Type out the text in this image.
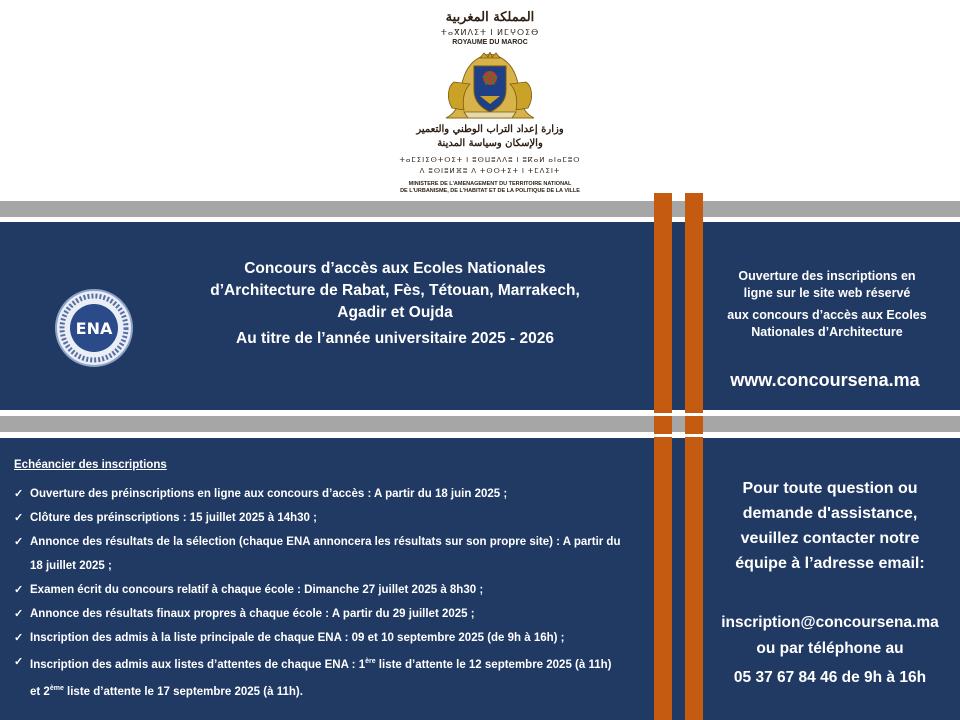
المملكة المغربية
ⵜⴰⴳⵍⴷⵉⵜ ⵏ ⵍⵎⵖⵔⵉⴱ
ROYAUME DU MAROC
وزارة إعداد التراب الوطني والتعمير
والإسكان وسياسة المدينة
ⵜⴰⵎⵉⵏⵉⵙⵜⵔⵉⵜ ⵏ ⵓⵙⵡⵓⴷⴷⵓ ⵏ ⵓⴽⴰⵍ ⴰⵏⴰⵎⵓⵔ
ⴷ ⵓⵙⵏⵓⵍⴼⵓ ⴷ ⵜⵙⵔⵜⵉⵜ ⵏ ⵜⵎⴷⵉⵏⵜ
MINISTERE DE L'AMENAGEMENT DU TERRITOIRE NATIONAL
DE L'URBANISME, DE L'HABITAT ET DE LA POLITIQUE DE LA VILLE
ENA
Concours d’accès aux Ecoles Nationales
d’Architecture de Rabat, Fès, Tétouan, Marrakech,
Agadir et Oujda
Au titre de l’année universitaire 2025 - 2026
Ouverture des inscriptions en
ligne sur le site web réservé
aux concours d’accès aux Ecoles
Nationales d’Architecture
www.concoursena.ma
Echéancier des inscriptions
✓ Ouverture des préinscriptions en ligne aux concours d’accès : A partir du 18 juin 2025 ;
✓ Clôture des préinscriptions : 15 juillet 2025 à 14h30 ;
✓ Annonce des résultats de la sélection (chaque ENA annoncera les résultats sur son propre site) : A partir du
18 juillet 2025 ;
✓ Examen écrit du concours relatif à chaque école : Dimanche 27 juillet 2025 à 8h30 ;
✓ Annonce des résultats finaux propres à chaque école : A partir du 29 juillet 2025 ;
✓ Inscription des admis à la liste principale de chaque ENA : 09 et 10 septembre 2025 (de 9h à 16h) ;
✓ Inscription des admis aux listes d’attentes de chaque ENA : 1ère liste d’attente le 12 septembre 2025 (à 11h)
et 2ème liste d’attente le 17 septembre 2025 (à 11h).
Pour toute question ou
demande d'assistance,
veuillez contacter notre
équipe à l’adresse email:
inscription@concoursena.ma
ou par téléphone au
05 37 67 84 46 de 9h à 16h
